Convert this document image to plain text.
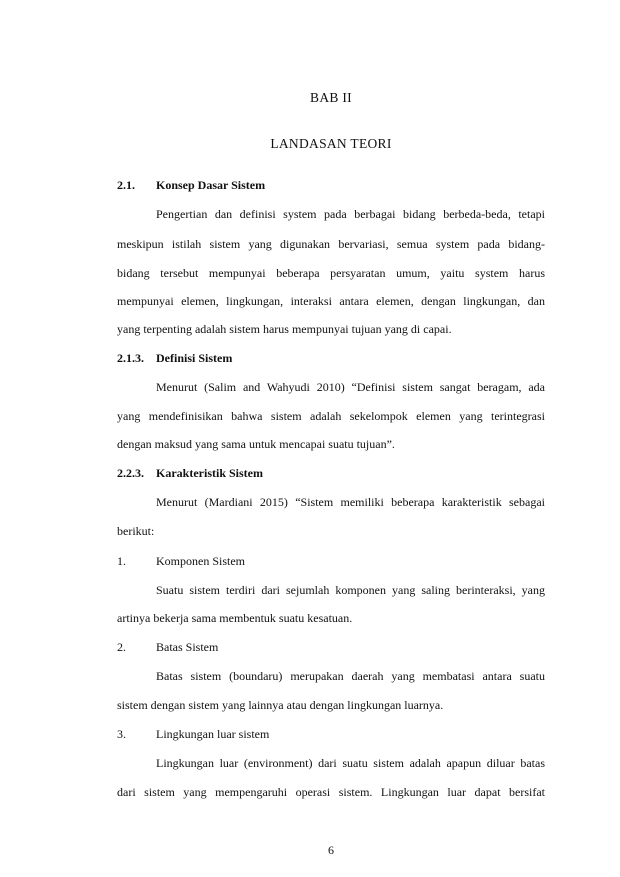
BAB II
LANDASAN TEORI
2.1. Konsep Dasar Sistem
Pengertian dan definisi system pada berbagai bidang berbeda-beda, tetapi
meskipun istilah sistem yang digunakan bervariasi, semua system pada bidang-
bidang tersebut mempunyai beberapa persyaratan umum, yaitu system harus
mempunyai elemen, lingkungan, interaksi antara elemen, dengan lingkungan, dan
yang terpenting adalah sistem harus mempunyai tujuan yang di capai.
2.1.3. Definisi Sistem
Menurut (Salim and Wahyudi 2010) “Definisi sistem sangat beragam, ada
yang mendefinisikan bahwa sistem adalah sekelompok elemen yang terintegrasi
dengan maksud yang sama untuk mencapai suatu tujuan”.
2.2.3. Karakteristik Sistem
Menurut (Mardiani 2015) “Sistem memiliki beberapa karakteristik sebagai
berikut:
1.	Komponen Sistem
Suatu sistem terdiri dari sejumlah komponen yang saling berinteraksi, yang
artinya bekerja sama membentuk suatu kesatuan.
2.	Batas Sistem
Batas sistem (boundaru) merupakan daerah yang membatasi antara suatu
sistem dengan sistem yang lainnya atau dengan lingkungan luarnya.
3.	Lingkungan luar sistem
Lingkungan luar (environment) dari suatu sistem adalah apapun diluar batas
dari sistem yang mempengaruhi operasi sistem. Lingkungan luar dapat bersifat
6
